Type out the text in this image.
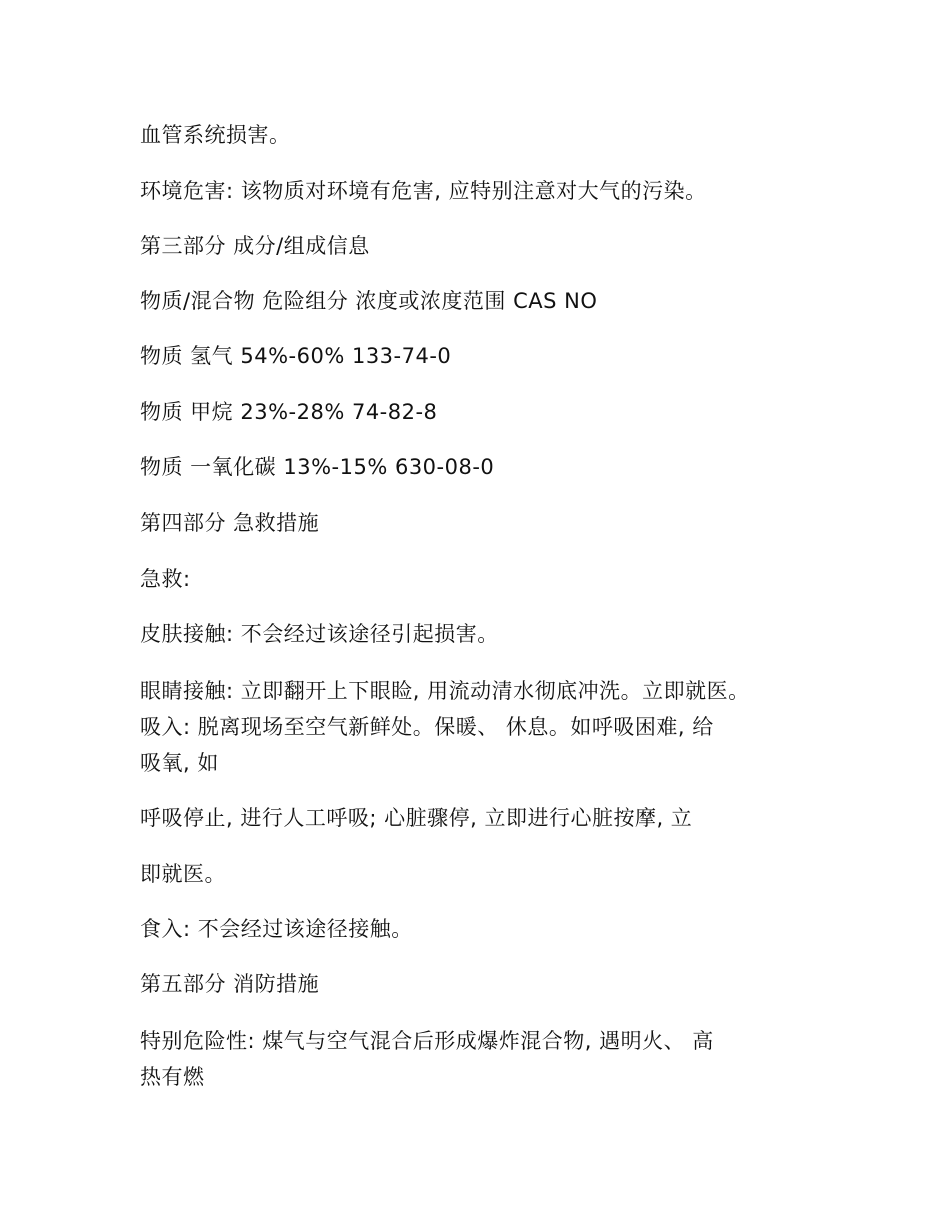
血管系统损害。
环境危害: 该物质对环境有危害, 应特别注意对大气的污染。
第三部分 成分/组成信息
物质/混合物 危险组分 浓度或浓度范围 CAS NO
物质 氢气 54%-60% 133-74-0
物质 甲烷 23%-28% 74-82-8
物质 一氧化碳 13%-15% 630-08-0
第四部分 急救措施
急救:
皮肤接触: 不会经过该途径引起损害。
眼睛接触: 立即翻开上下眼睑, 用流动清水彻底冲洗。立即就医。
吸入: 脱离现场至空气新鲜处。保暖、 休息。如呼吸困难, 给
吸氧, 如
呼吸停止, 进行人工呼吸; 心脏骤停, 立即进行心脏按摩, 立
即就医。
食入: 不会经过该途径接触。
第五部分 消防措施
特别危险性: 煤气与空气混合后形成爆炸混合物, 遇明火、 高
热有燃
